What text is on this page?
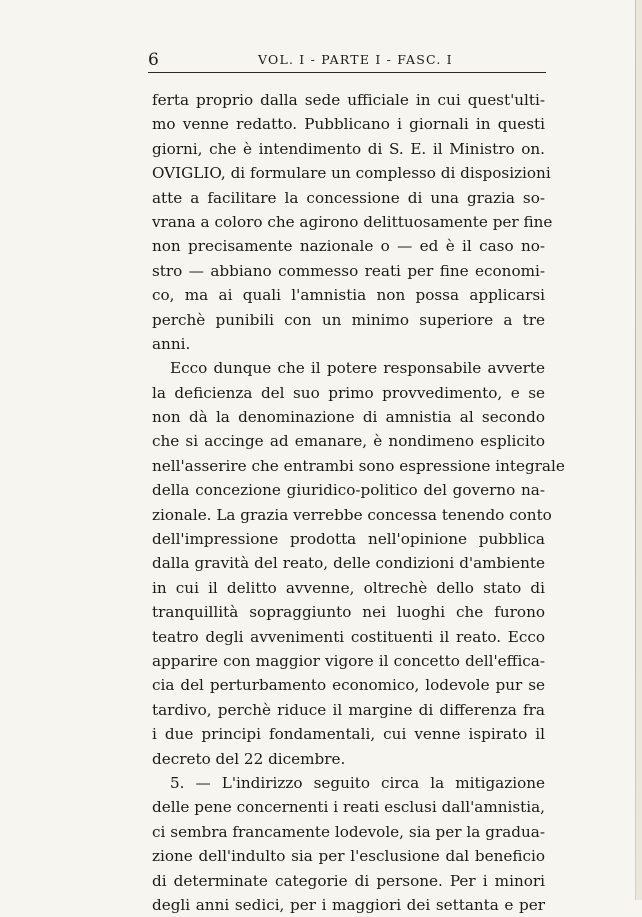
6	VOL. I - PARTE I - FASC. I
ferta proprio dalla sede ufficiale in cui quest'ulti-
mo venne redatto. Pubblicano i giornali in questi
giorni, che è intendimento di S. E. il Ministro on.
OVIGLIO, di formulare un complesso di disposizioni
atte a facilitare la concessione di una grazia so-
vrana a coloro che agirono delittuosamente per fine
non precisamente nazionale o — ed è il caso no-
stro — abbiano commesso reati per fine economi-
co, ma ai quali l'amnistia non possa applicarsi
perchè punibili con un minimo superiore a tre
anni.
Ecco dunque che il potere responsabile avverte
la deficienza del suo primo provvedimento, e se
non dà la denominazione di amnistia al secondo
che si accinge ad emanare, è nondimeno esplicito
nell'asserire che entrambi sono espressione integrale
della concezione giuridico-politico del governo na-
zionale. La grazia verrebbe concessa tenendo conto
dell'impressione prodotta nell'opinione pubblica
dalla gravità del reato, delle condizioni d'ambiente
in cui il delitto avvenne, oltrechè dello stato di
tranquillità sopraggiunto nei luoghi che furono
teatro degli avvenimenti costituenti il reato. Ecco
apparire con maggior vigore il concetto dell'effica-
cia del perturbamento economico, lodevole pur se
tardivo, perchè riduce il margine di differenza fra
i due principi fondamentali, cui venne ispirato il
decreto del 22 dicembre.
5. — L'indirizzo seguito circa la mitigazione
delle pene concernenti i reati esclusi dall'amnistia,
ci sembra francamente lodevole, sia per la gradua-
zione dell'indulto sia per l'esclusione dal beneficio
di determinate categorie di persone. Per i minori
degli anni sedici, per i maggiori dei settanta e per
